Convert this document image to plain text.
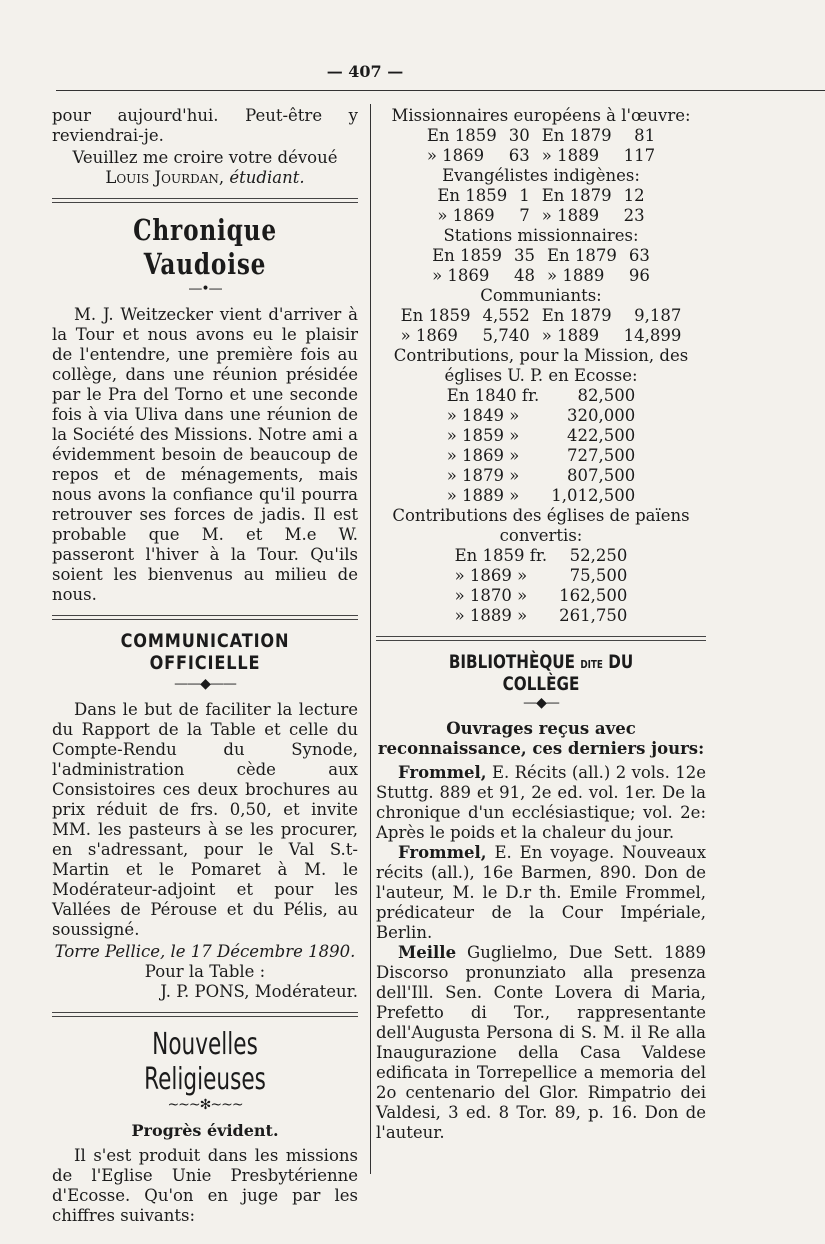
— 407 —

pour aujourd'hui. Peut-être y reviendrai-je.

Veuillez me croire votre dévoué

Louis Jourdan, étudiant.

Chronique Vaudoise
—•—

M. J. Weitzecker vient d'arriver à la Tour et nous avons eu le plaisir de l'entendre, une première fois au collège, dans une réunion présidée par le Pra del Torno et une seconde fois à via Uliva dans une réunion de la Société des Missions. Notre ami a évidemment besoin de beaucoup de repos et de ménagements, mais nous avons la confiance qu'il pourra retrouver ses forces de jadis. Il est probable que M. et M.e W. passeront l'hiver à la Tour. Qu'ils soient les bienvenus au milieu de nous.

COMMUNICATION OFFICIELLE
——◆——

Dans le but de faciliter la lecture du Rapport de la Table et celle du Compte-Rendu du Synode, l'administration cède aux Consistoires ces deux brochures au prix réduit de frs. 0,50, et invite MM. les pasteurs à se les procurer, en s'adressant, pour le Val S.t-Martin et le Pomaret à M. le Modérateur-adjoint et pour les Vallées de Pérouse et du Pélis, au soussigné.

Torre Pellice, le 17 Décembre 1890.

Pour la Table :

J. P. PONS, Modérateur.

Nouvelles Religieuses
~~~✻~~~
Progrès évident.

Il s'est produit dans les missions de l'Eglise Unie Presbytérienne d'Ecosse. Qu'on en juge par les chiffres suivants:

Missionnaires européens à l'œuvre:

En 1859	30	En 1879	81
» 1869	63	» 1889	117

Evangélistes indigènes:

En 1859	1	En 1879	12
» 1869	7	» 1889	23

Stations missionnaires:

En 1859	35	En 1879	63
» 1869	48	» 1889	96

Communiants:

En 1859	4,552	En 1879	9,187
» 1869	5,740	» 1889	14,899

Contributions, pour la Mission, des églises U. P. en Ecosse:

En 1840 fr.	82,500
» 1849 »	320,000
» 1859 »	422,500
» 1869 »	727,500
» 1879 »	807,500
» 1889 »	1,012,500

Contributions des églises de païens convertis:

En 1859 fr.	52,250
» 1869 »	75,500
» 1870 »	162,500
» 1889 »	261,750
BIBLIOTHÈQUE DITE DU COLLÈGE
—◆—

Ouvrages reçus avec reconnaissance, ces derniers jours:

Frommel, E. Récits (all.) 2 vols. 12e Stuttg. 889 et 91, 2e ed. vol. 1er. De la chronique d'un ecclésiastique; vol. 2e: Après le poids et la chaleur du jour.

Frommel, E. En voyage. Nouveaux récits (all.), 16e Barmen, 890. Don de l'auteur, M. le D.r th. Emile Frommel, prédicateur de la Cour Impériale, Berlin.

Meille Guglielmo, Due Sett. 1889 Discorso pronunziato alla presenza dell'Ill. Sen. Conte Lovera di Maria, Prefetto di Tor., rappresentante dell'Augusta Persona di S. M. il Re alla Inaugurazione della Casa Valdese edificata in Torrepellice a memoria del 2o centenario del Glor. Rimpatrio dei Valdesi, 3 ed. 8 Tor. 89, p. 16. Don de l'auteur.
